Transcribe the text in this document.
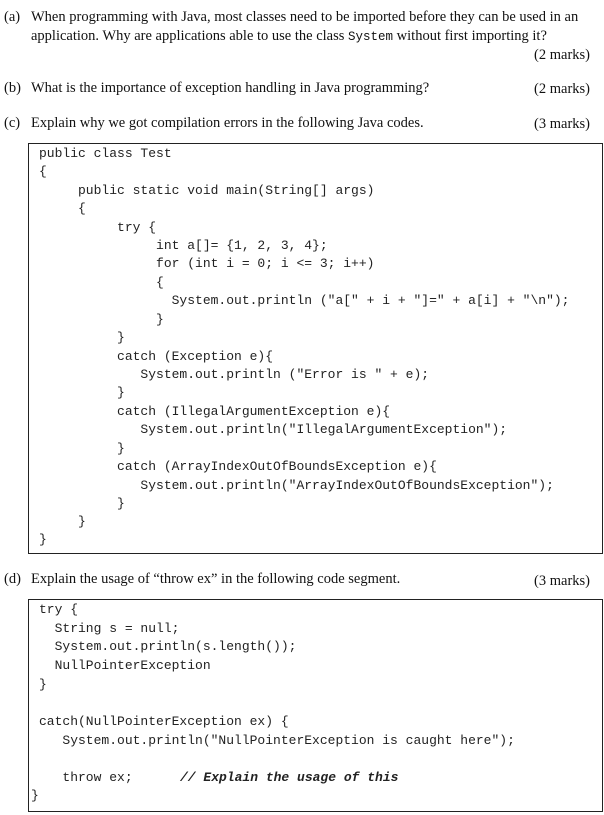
(a) When programming with Java, most classes need to be imported before they can be used in an
application. Why are applications able to use the class System without first importing it?
(2 marks)
(b) What is the importance of exception handling in Java programming?	(2 marks)
(c) Explain why we got compilation errors in the following Java codes.	(3 marks)

public class Test

{

public static void main(String[] args)

{

try {

int a[]= {1, 2, 3, 4};

for (int i = 0; i <= 3; i++)

{

System.out.println ("a[" + i + "]=" + a[i] + "\n");

}

}

catch (Exception e){

System.out.println ("Error is " + e);

}

catch (IllegalArgumentException e){

System.out.println("IllegalArgumentException");

}

catch (ArrayIndexOutOfBoundsException e){

System.out.println("ArrayIndexOutOfBoundsException");

}

}

}

(d) Explain the usage of “throw ex” in the following code segment.	(3 marks)

try {

String s = null;

System.out.println(s.length());

NullPointerException

}

catch(NullPointerException ex) {

System.out.println("NullPointerException is caught here");

throw ex;

	// Explain the usage of this

}
